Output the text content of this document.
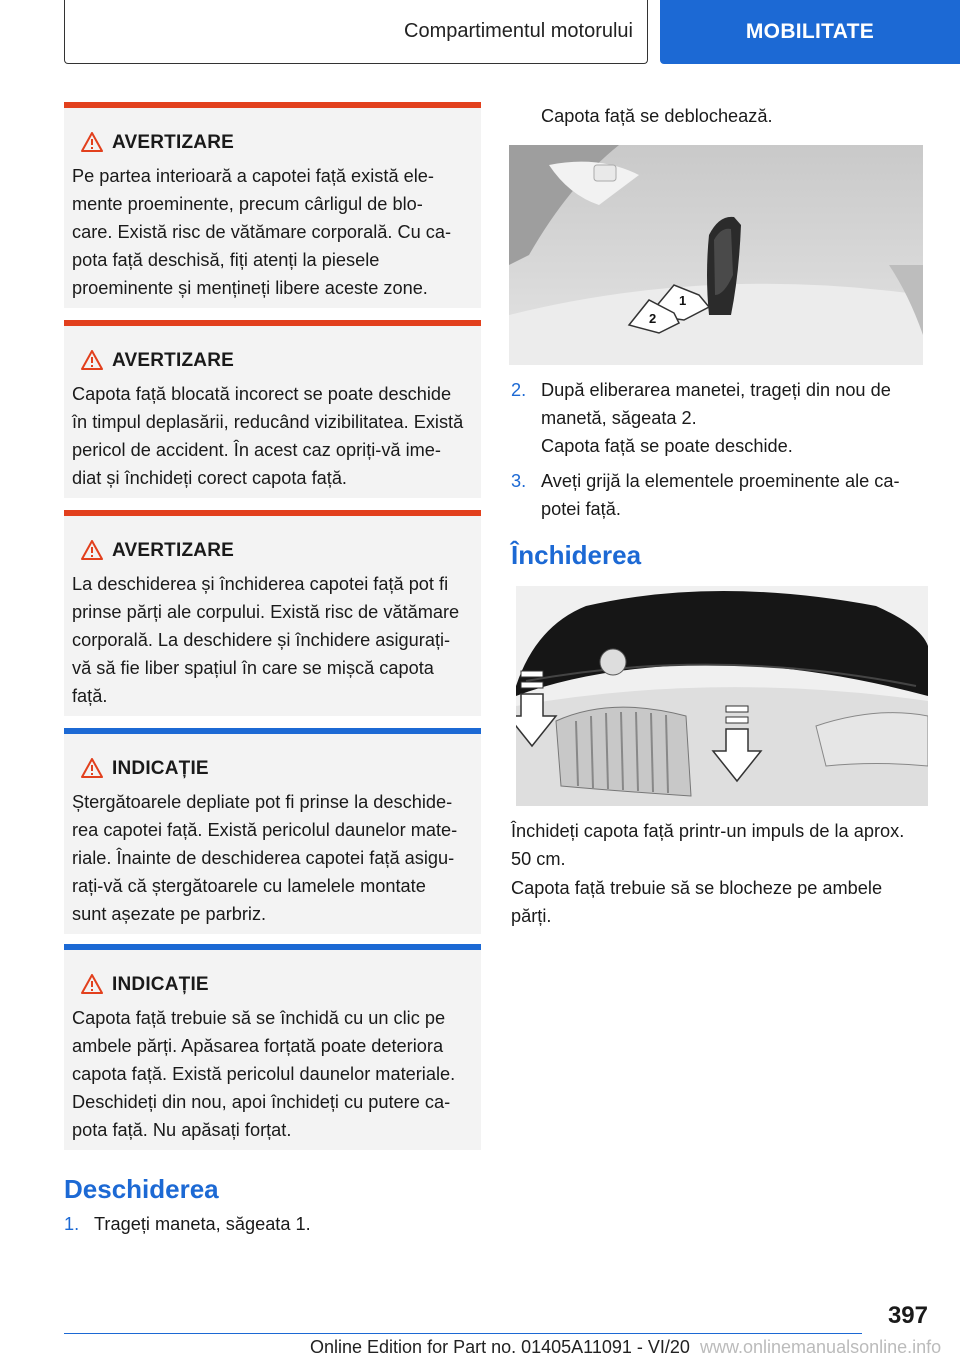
Compartimentul motorului	MOBILITATE
AVERTIZARE

Pe partea interioară a capotei față există ele-
mente proeminente, precum cârligul de blo-
care. Există risc de vătămare corporală. Cu ca-
pota față deschisă, fiți atenți la piesele
proeminente și mențineți libere aceste zone.

AVERTIZARE

Capota față blocată incorect se poate deschide
în timpul deplasării, reducând vizibilitatea. Există
pericol de accident. În acest caz opriți-vă ime-
diat și închideți corect capota față.

AVERTIZARE

La deschiderea și închiderea capotei față pot fi
prinse părți ale corpului. Există risc de vătămare
corporală. La deschidere și închidere asigurați-
vă să fie liber spațiul în care se mișcă capota
față.

INDICAȚIE

Ștergătoarele depliate pot fi prinse la deschide-
rea capotei față. Există pericolul daunelor mate-
riale. Înainte de deschiderea capotei față asigu-
rați-vă că ștergătoarele cu lamelele montate
sunt așezate pe parbriz.

INDICAȚIE

Capota față trebuie să se închidă cu un clic pe
ambele părți. Apăsarea forțată poate deteriora
capota față. Există pericolul daunelor materiale.
Deschideți din nou, apoi închideți cu putere ca-
pota față. Nu apăsați forțat.

Deschiderea
1. Trageți maneta, săgeata 1.
Capota față se deblochează.
1
2
2. După eliberarea manetei, trageți din nou de
manetă, săgeata 2.
Capota față se poate deschide.
3. Aveți grijă la elementele proeminente ale ca-
potei față.
Închiderea
Închideți capota față printr-un impuls de la aprox.
50 cm.
Capota față trebuie să se blocheze pe ambele
părți.
397
Online Edition for Part no. 01405A11091 - VI/20 www.onlinemanualsonline.info
